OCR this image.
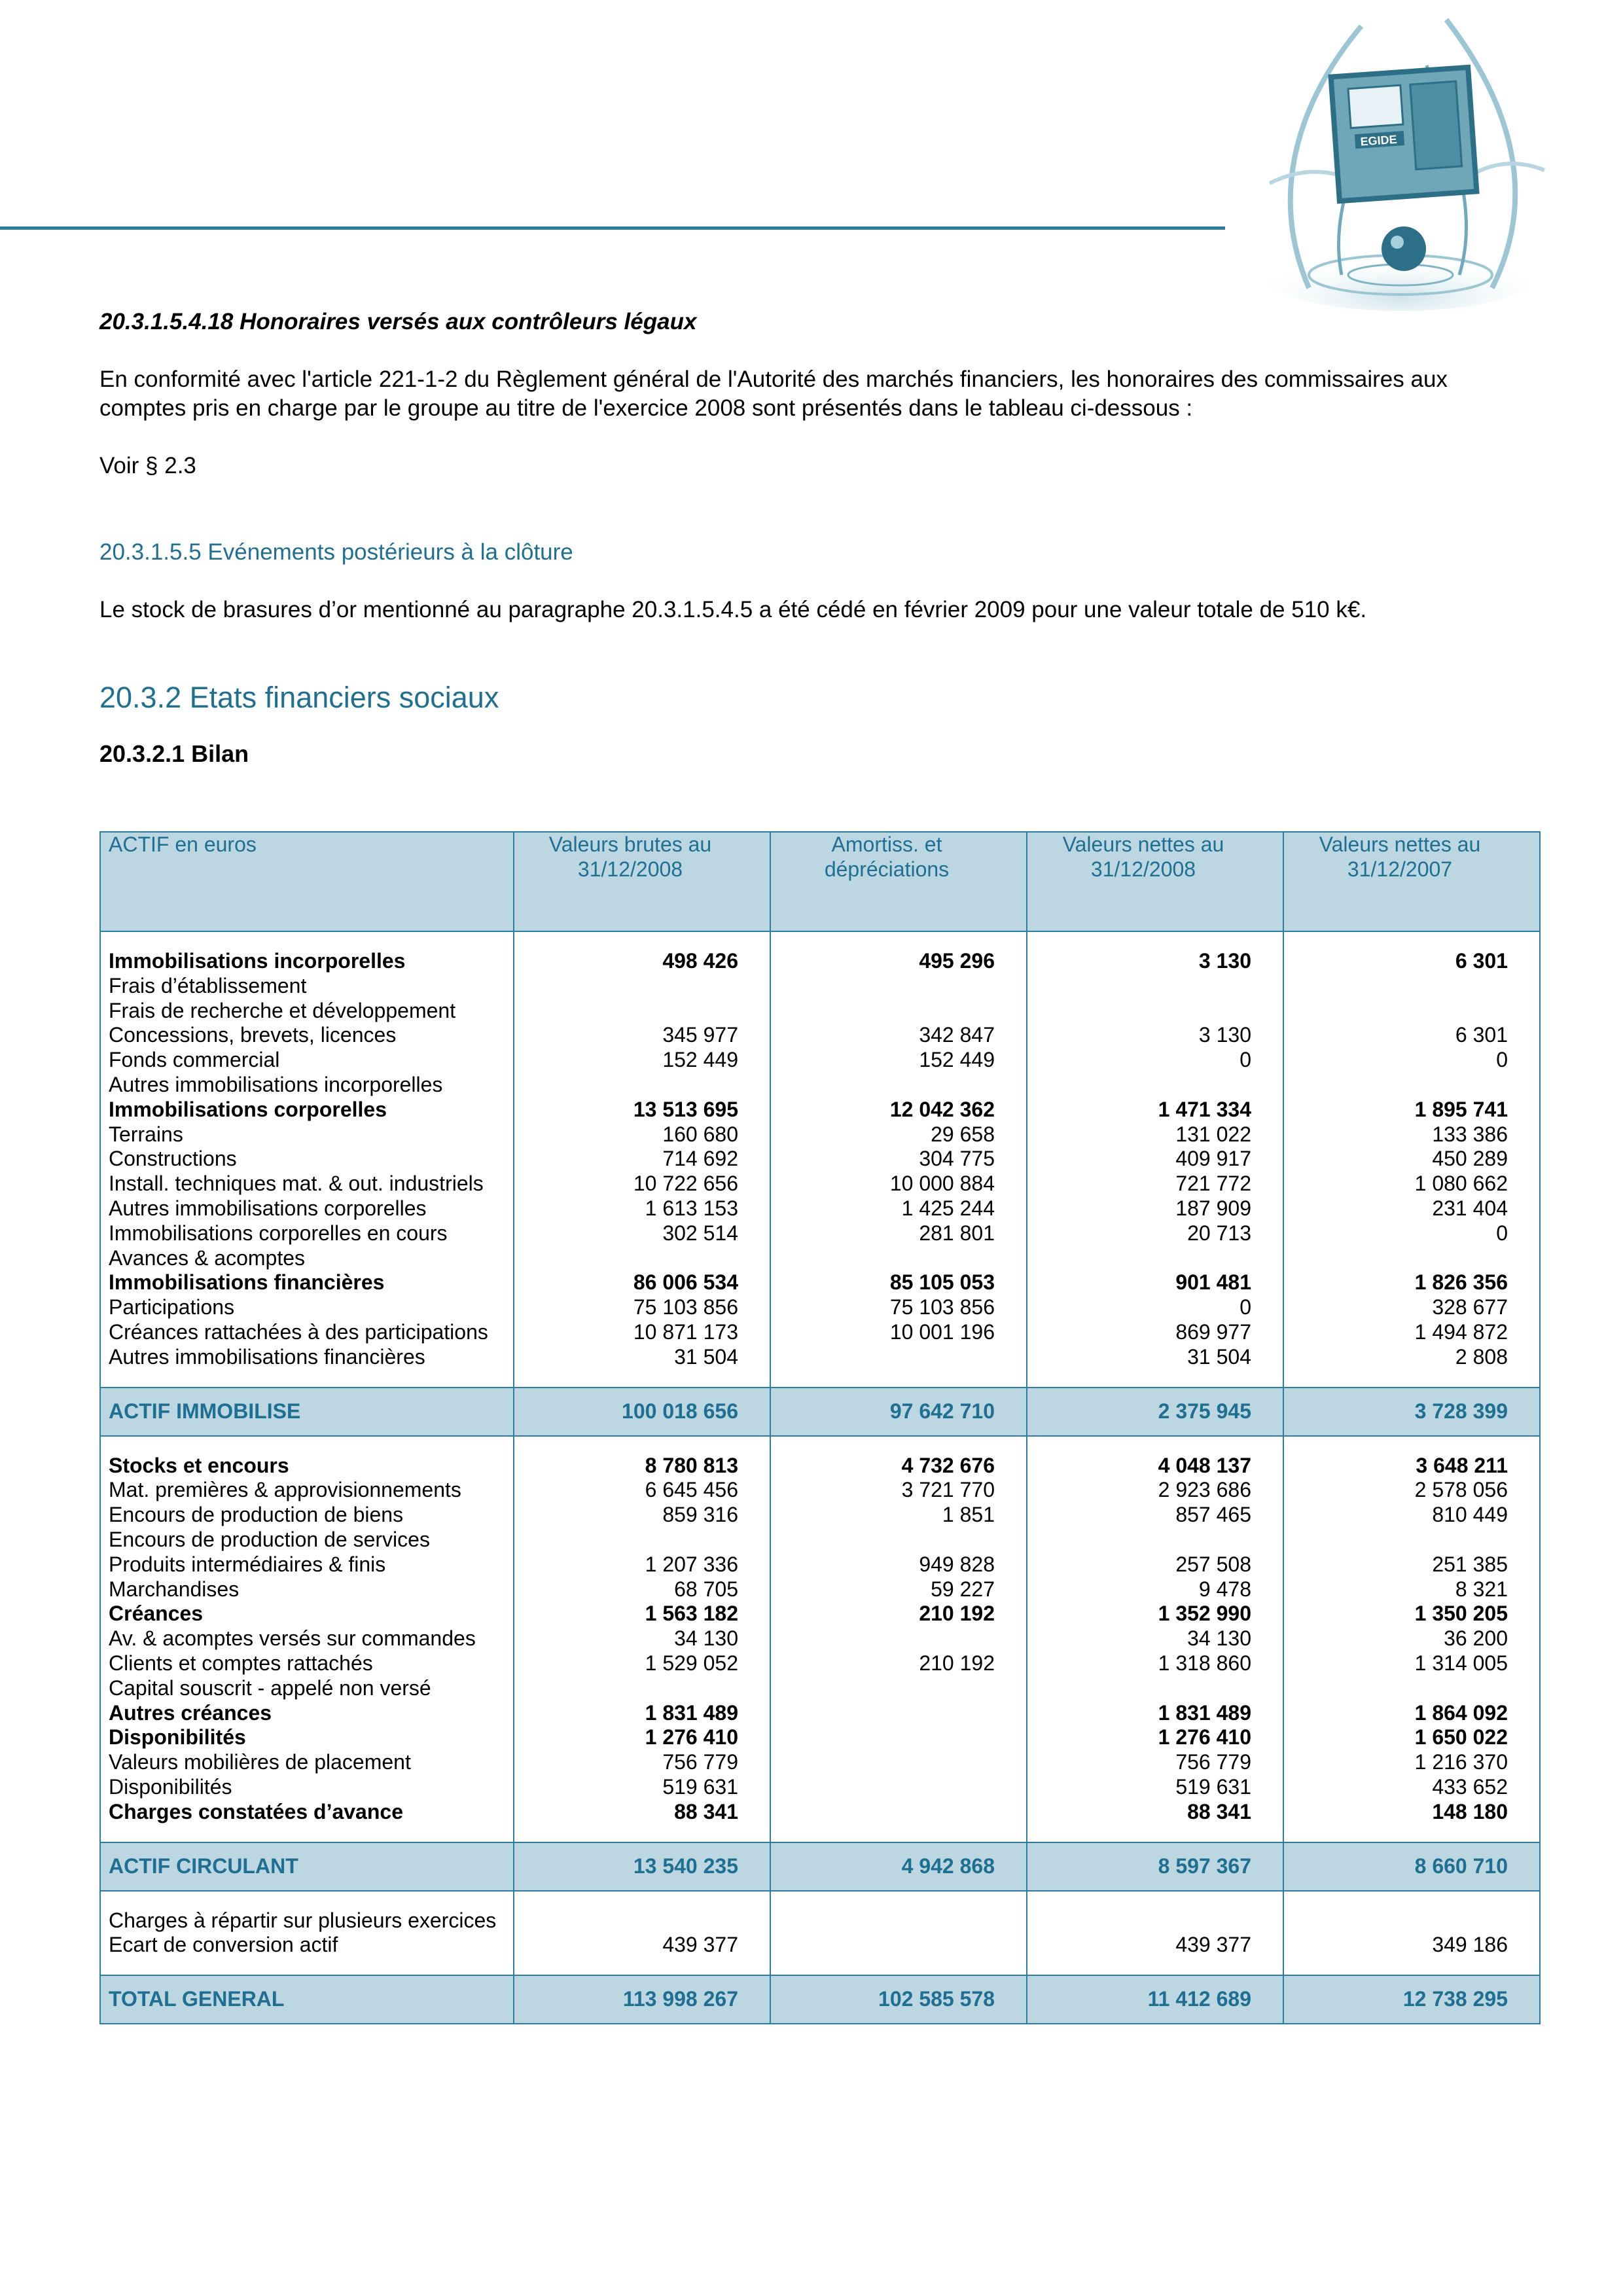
EGIDE

20.3.1.5.4.18 Honoraires versés aux contrôleurs légaux

En conformité avec l'article 221-1-2 du Règlement général de l'Autorité des marchés financiers, les honoraires des commissaires aux comptes pris en charge par le groupe au titre de l'exercice 2008 sont présentés dans le tableau ci-dessous :

Voir § 2.3

20.3.1.5.5 Evénements postérieurs à la clôture

Le stock de brasures d’or mentionné au paragraphe 20.3.1.5.4.5 a été cédé en février 2009 pour une valeur totale de 510 k€.

20.3.2 Etats financiers sociaux
20.3.2.1 Bilan
ACTIF en euros	Valeurs brutes au 31/12/2008	Amortiss. et dépréciations	Valeurs nettes au 31/12/2008	Valeurs nettes au 31/12/2007

Immobilisations incorporelles	498 426	495 296	3 130	6 301
Frais d’établissement				
Frais de recherche et développement				
Concessions, brevets, licences	345 977	342 847	3 130	6 301
Fonds commercial	152 449	152 449	0	0
Autres immobilisations incorporelles				
Immobilisations corporelles	13 513 695	12 042 362	1 471 334	1 895 741
Terrains	160 680	29 658	131 022	133 386
Constructions	714 692	304 775	409 917	450 289
Install. techniques mat. & out. industriels	10 722 656	10 000 884	721 772	1 080 662
Autres immobilisations corporelles	1 613 153	1 425 244	187 909	231 404
Immobilisations corporelles en cours	302 514	281 801	20 713	0
Avances & acomptes				
Immobilisations financières	86 006 534	85 105 053	901 481	1 826 356
Participations	75 103 856	75 103 856	0	328 677
Créances rattachées à des participations	10 871 173	10 001 196	869 977	1 494 872
Autres immobilisations financières	31 504		31 504	2 808

ACTIF IMMOBILISE	100 018 656	97 642 710	2 375 945	3 728 399

Stocks et encours	8 780 813	4 732 676	4 048 137	3 648 211
Mat. premières & approvisionnements	6 645 456	3 721 770	2 923 686	2 578 056
Encours de production de biens	859 316	1 851	857 465	810 449
Encours de production de services				
Produits intermédiaires & finis	1 207 336	949 828	257 508	251 385
Marchandises	68 705	59 227	9 478	8 321
Créances	1 563 182	210 192	1 352 990	1 350 205
Av. & acomptes versés sur commandes	34 130		34 130	36 200
Clients et comptes rattachés	1 529 052	210 192	1 318 860	1 314 005
Capital souscrit - appelé non versé				
Autres créances	1 831 489		1 831 489	1 864 092
Disponibilités	1 276 410		1 276 410	1 650 022
Valeurs mobilières de placement	756 779		756 779	1 216 370
Disponibilités	519 631		519 631	433 652
Charges constatées d’avance	88 341		88 341	148 180

ACTIF CIRCULANT	13 540 235	4 942 868	8 597 367	8 660 710

Charges à répartir sur plusieurs exercices				
Ecart de conversion actif	439 377		439 377	349 186

TOTAL GENERAL	113 998 267	102 585 578	11 412 689	12 738 295
